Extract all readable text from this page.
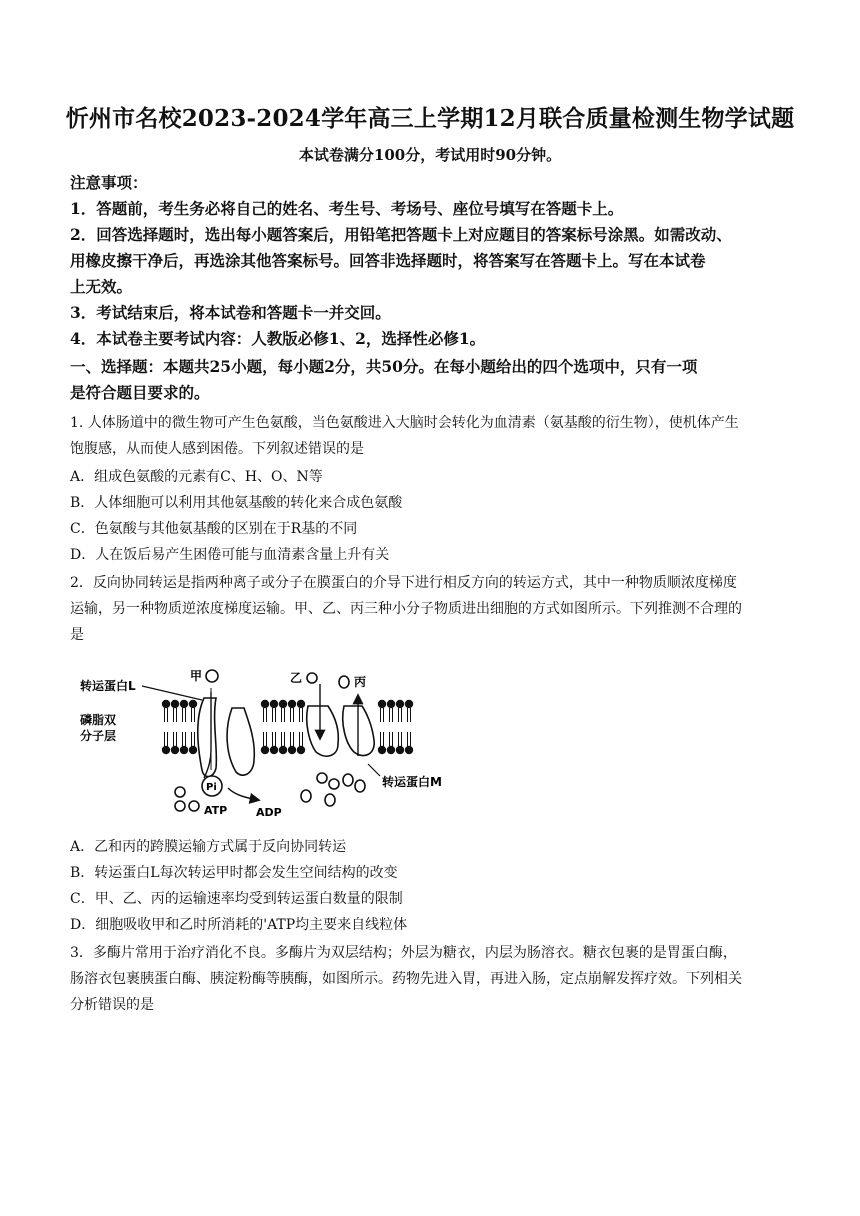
忻州市名校2023-2024学年高三上学期12月联合质量检测生物学试题
本试卷满分100分，考试用时90分钟。
注意事项：
1．答题前，考生务必将自己的姓名、考生号、考场号、座位号填写在答题卡上。
2．回答选择题时，选出每小题答案后，用铅笔把答题卡上对应题目的答案标号涂黑。如需改动、
用橡皮擦干净后，再选涂其他答案标号。回答非选择题时，将答案写在答题卡上。写在本试卷
上无效。
3．考试结束后，将本试卷和答题卡一并交回。
4．本试卷主要考试内容：人教版必修1、2，选择性必修1。
一、选择题：本题共25小题，每小题2分，共50分。在每小题给出的四个选项中，只有一项
是符合题目要求的。
1. 人体肠道中的微生物可产生色氨酸，当色氨酸进入大脑时会转化为血清素（氨基酸的衍生物），使机体产生
饱腹感，从而使人感到困倦。下列叙述错误的是
A．组成色氨酸的元素有C、H、O、N等
B．人体细胞可以利用其他氨基酸的转化来合成色氨酸
C．色氨酸与其他氨基酸的区别在于R基的不同
D．人在饭后易产生困倦可能与血清素含量上升有关
2．反向协同转运是指两种离子或分子在膜蛋白的介导下进行相反方向的转运方式，其中一种物质顺浓度梯度
运输，另一种物质逆浓度梯度运输。甲、乙、丙三种小分子物质进出细胞的方式如图所示。下列推测不合理的
是
转运蛋白L
甲	乙	丙
磷脂双
分子层
Pi
ATP	ADP
转运蛋白M
A．乙和丙的跨膜运输方式属于反向协同转运
B．转运蛋白L每次转运甲时都会发生空间结构的改变
C．甲、乙、丙的运输速率均受到转运蛋白数量的限制
D．细胞吸收甲和乙时所消耗的'ATP均主要来自线粒体
3．多酶片常用于治疗消化不良。多酶片为双层结构；外层为糖衣，内层为肠溶衣。糖衣包裹的是胃蛋白酶，
肠溶衣包裹胰蛋白酶、胰淀粉酶等胰酶，如图所示。药物先进入胃，再进入肠，定点崩解发挥疗效。下列相关
分析错误的是
